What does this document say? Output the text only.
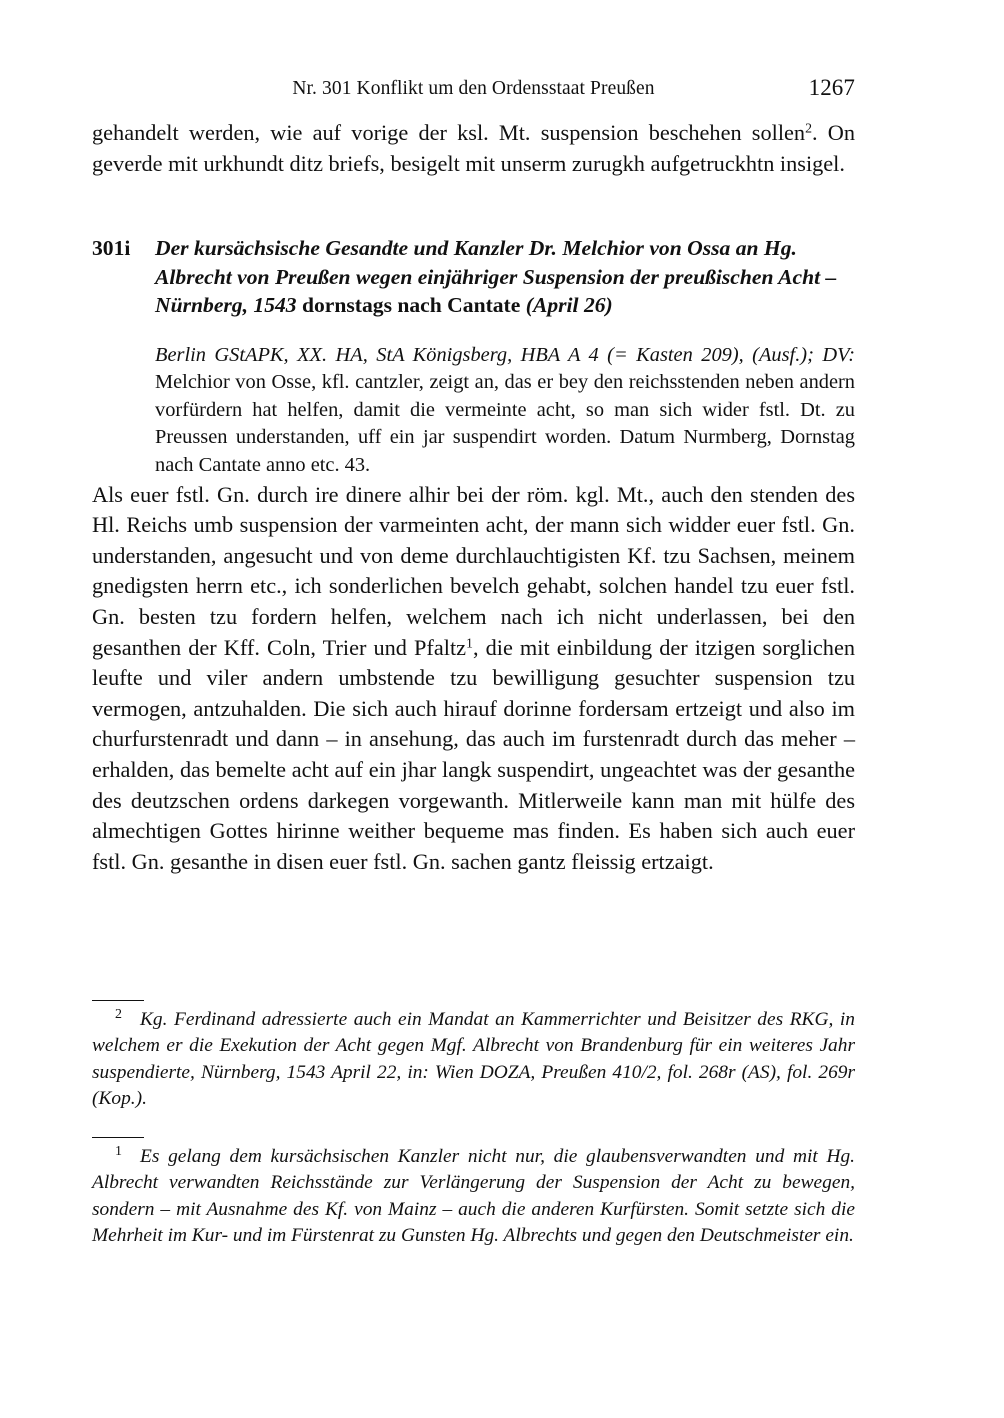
Nr. 301 Konflikt um den Ordensstaat Preußen	1267

gehandelt werden, wie auf vorige der ksl. Mt. suspension beschehen sollen$^2$. On geverde mit urkhundt ditz briefs, besigelt mit unserm zurugkh aufgetruckhtn insigel.

301i	Der kursächsische Gesandte und Kanzler Dr. Melchior von Ossa an Hg. Albrecht von Preußen wegen einjähriger Suspension der preußischen Acht – Nürnberg, 1543 dornstags nach Cantate (April 26)
Berlin GStAPK, XX. HA, StA Königsberg, HBA A 4 (= Kasten 209), (Ausf.); DV: Melchior von Osse, kfl. cantzler, zeigt an, das er bey den reichsstenden neben andern vorfürdern hat helfen, damit die vermeinte acht, so man sich wider fstl. Dt. zu Preussen understanden, uff ein jar suspendirt worden. Datum Nurmberg, Dornstag nach Cantate anno etc. 43.

Als euer fstl. Gn. durch ire dinere alhir bei der röm. kgl. Mt., auch den stenden des Hl. Reichs umb suspension der varmeinten acht, der mann sich widder euer fstl. Gn. understanden, angesucht und von deme durchlauchtigisten Kf. tzu Sachsen, meinem gnedigsten herrn etc., ich sonderlichen bevelch gehabt, solchen handel tzu euer fstl. Gn. besten tzu fordern helfen, welchem nach ich nicht underlassen, bei den gesanthen der Kff. Coln, Trier und Pfaltz$^1$, die mit einbildung der itzigen sorglichen leufte und viler andern umbstende tzu bewilligung gesuchter suspension tzu vermogen, antzuhalden. Die sich auch hirauf dorinne fordersam ertzeigt und also im churfurstenradt und dann – in ansehung, das auch im furstenradt durch das meher – erhalden, das bemelte acht auf ein jhar langk suspendirt, ungeachtet was der gesanthe des deutzschen ordens darkegen vorgewanth. Mitlerweile kann man mit hülfe des almechtigen Gottes hirinne weither bequeme mas finden. Es haben sich auch euer fstl. Gn. gesanthe in disen euer fstl. Gn. sachen gantz fleissig ertzaigt.

$^2$ Kg. Ferdinand adressierte auch ein Mandat an Kammerrichter und Beisitzer des RKG, in welchem er die Exekution der Acht gegen Mgf. Albrecht von Brandenburg für ein weiteres Jahr suspendierte, Nürnberg, 1543 April 22, in: Wien DOZA, Preußen 410/2, fol. 268r (AS), fol. 269r (Kop.).
$^1$ Es gelang dem kursächsischen Kanzler nicht nur, die glaubensverwandten und mit Hg. Albrecht verwandten Reichsstände zur Verlängerung der Suspension der Acht zu bewegen, sondern – mit Ausnahme des Kf. von Mainz – auch die anderen Kurfürsten. Somit setzte sich die Mehrheit im Kur- und im Fürstenrat zu Gunsten Hg. Albrechts und gegen den Deutschmeister ein.
